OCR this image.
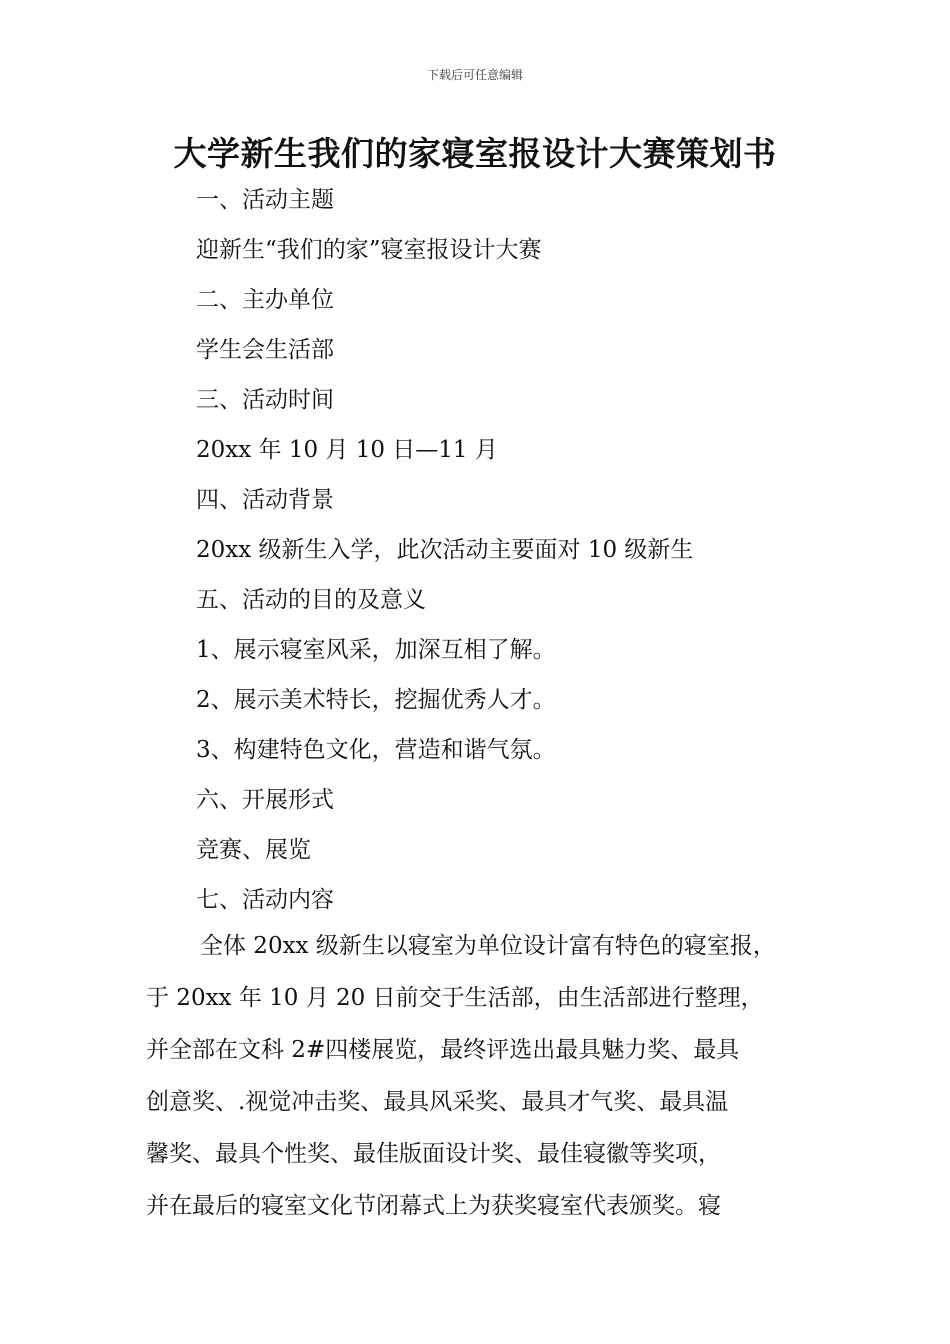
下载后可任意编辑
大学新生我们的家寝室报设计大赛策划书
一、活动主题
迎新生“我们的家”寝室报设计大赛
二、主办单位
学生会生活部
三、活动时间
20xx 年 10 月 10 日—11 月
四、活动背景
20xx 级新生入学，此次活动主要面对 10 级新生
五、活动的目的及意义
1、展示寝室风采，加深互相了解。
2、展示美术特长，挖掘优秀人才。
3、构建特色文化，营造和谐气氛。
六、开展形式
竞赛、展览
七、活动内容
全体 20xx 级新生以寝室为单位设计富有特色的寝室报，
于 20xx 年 10 月 20 日前交于生活部，由生活部进行整理，
并全部在文科 2#四楼展览，最终评选出最具魅力奖、最具
创意奖、.视觉冲击奖、最具风采奖、最具才气奖、最具温
馨奖、最具个性奖、最佳版面设计奖、最佳寝徽等奖项，
并在最后的寝室文化节闭幕式上为获奖寝室代表颁奖。寝
